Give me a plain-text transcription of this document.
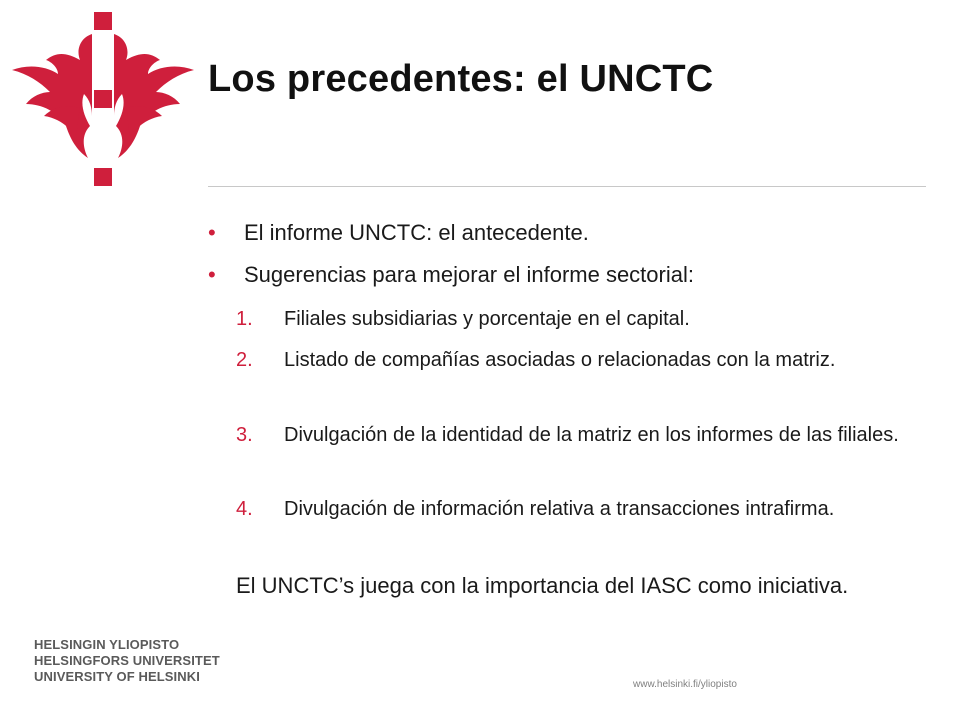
Los precedentes: el UNCTC
• El informe UNCTC: el antecedente.
• Sugerencias para mejorar el informe sectorial:
1. Filiales subsidiarias y porcentaje en el capital.
2. Listado de compañías asociadas o relacionadas con la matriz.
3. Divulgación de la identidad de la matriz en los informes de las filiales.
4. Divulgación de información relativa a transacciones intrafirma.

El UNCTC’s juega con la importancia del IASC como iniciativa.

HELSINGIN YLIOPISTO
HELSINGFORS UNIVERSITET
UNIVERSITY OF HELSINKI
www.helsinki.fi/yliopisto
